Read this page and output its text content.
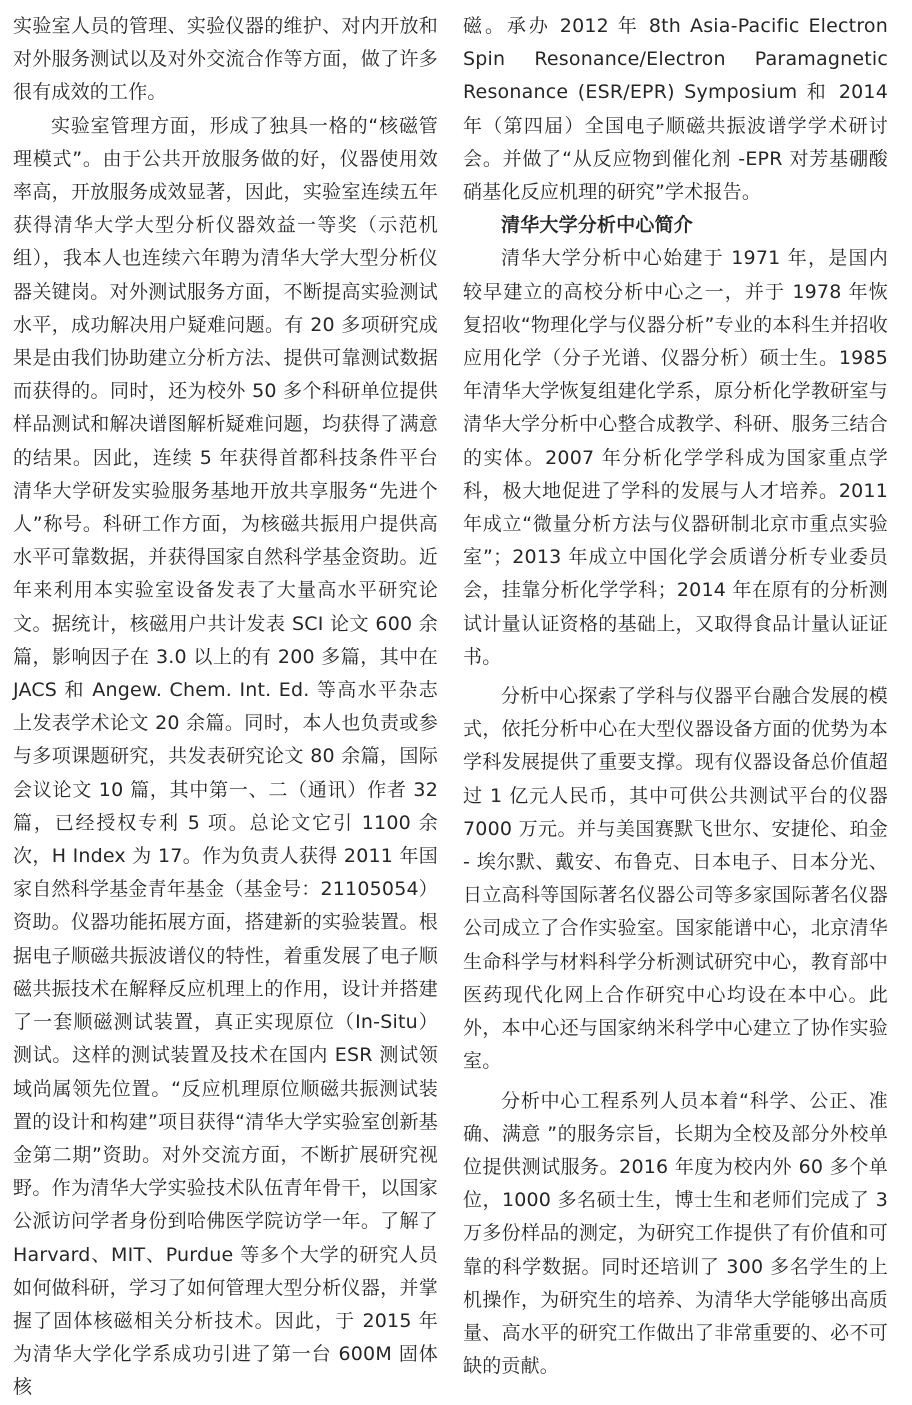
实验室人员的管理、实验仪器的维护、对内开放和对外服务测试以及对外交流合作等方面，做了许多很有成效的工作。

实验室管理方面，形成了独具一格的“核磁管理模式”。由于公共开放服务做的好，仪器使用效率高，开放服务成效显著，因此，实验室连续五年获得清华大学大型分析仪器效益一等奖（示范机组），我本人也连续六年聘为清华大学大型分析仪器关键岗。对外测试服务方面，不断提高实验测试水平，成功解决用户疑难问题。有 20 多项研究成果是由我们协助建立分析方法、提供可靠测试数据而获得的。同时，还为校外 50 多个科研单位提供样品测试和解决谱图解析疑难问题，均获得了满意的结果。因此，连续 5 年获得首都科技条件平台清华大学研发实验服务基地开放共享服务“先进个人”称号。科研工作方面，为核磁共振用户提供高水平可靠数据，并获得国家自然科学基金资助。近年来利用本实验室设备发表了大量高水平研究论文。据统计，核磁用户共计发表 SCI 论文 600 余篇，影响因子在 3.0 以上的有 200 多篇，其中在 JACS 和 Angew. Chem. Int. Ed. 等高水平杂志上发表学术论文 20 余篇。同时，本人也负责或参与多项课题研究，共发表研究论文 80 余篇，国际会议论文 10 篇，其中第一、二（通讯）作者 32 篇，已经授权专利 5 项。总论文它引 1100 余次，H Index 为 17。作为负责人获得 2011 年国家自然科学基金青年基金（基金号：21105054）资助。仪器功能拓展方面，搭建新的实验装置。根据电子顺磁共振波谱仪的特性，着重发展了电子顺磁共振技术在解释反应机理上的作用，设计并搭建了一套顺磁测试装置，真正实现原位（In-Situ）测试。这样的测试装置及技术在国内 ESR 测试领域尚属领先位置。“反应机理原位顺磁共振测试装置的设计和构建”项目获得“清华大学实验室创新基金第二期”资助。对外交流方面，不断扩展研究视野。作为清华大学实验技术队伍青年骨干，以国家公派访问学者身份到哈佛医学院访学一年。了解了 Harvard、MIT、Purdue 等多个大学的研究人员如何做科研，学习了如何管理大型分析仪器，并掌握了固体核磁相关分析技术。因此，于 2015 年为清华大学化学系成功引进了第一台 600M 固体核

磁。承办 2012 年 8th Asia-Pacific Electron Spin Resonance/Electron Paramagnetic Resonance (ESR/EPR) Symposium 和 2014 年（第四届）全国电子顺磁共振波谱学学术研讨会。并做了“从反应物到催化剂 -EPR 对芳基硼酸硝基化反应机理的研究”学术报告。

清华大学分析中心简介

清华大学分析中心始建于 1971 年，是国内较早建立的高校分析中心之一，并于 1978 年恢复招收“物理化学与仪器分析”专业的本科生并招收应用化学（分子光谱、仪器分析）硕士生。1985 年清华大学恢复组建化学系，原分析化学教研室与清华大学分析中心整合成教学、科研、服务三结合的实体。2007 年分析化学学科成为国家重点学科，极大地促进了学科的发展与人才培养。2011 年成立“微量分析方法与仪器研制北京市重点实验室”；2013 年成立中国化学会质谱分析专业委员会，挂靠分析化学学科；2014 年在原有的分析测试计量认证资格的基础上，又取得食品计量认证证书。

分析中心探索了学科与仪器平台融合发展的模式，依托分析中心在大型仪器设备方面的优势为本学科发展提供了重要支撑。现有仪器设备总价值超过 1 亿元人民币，其中可供公共测试平台的仪器 7000 万元。并与美国赛默飞世尔、安捷伦、珀金 - 埃尔默、戴安、布鲁克、日本电子、日本分光、日立高科等国际著名仪器公司等多家国际著名仪器公司成立了合作实验室。国家能谱中心，北京清华生命科学与材料科学分析测试研究中心，教育部中医药现代化网上合作研究中心均设在本中心。此外，本中心还与国家纳米科学中心建立了协作实验室。

分析中心工程系列人员本着“科学、公正、准确、满意 ”的服务宗旨，长期为全校及部分外校单位提供测试服务。2016 年度为校内外 60 多个单位，1000 多名硕士生，博士生和老师们完成了 3 万多份样品的测定，为研究工作提供了有价值和可靠的科学数据。同时还培训了 300 多名学生的上机操作，为研究生的培养、为清华大学能够出高质量、高水平的研究工作做出了非常重要的、必不可缺的贡献。
